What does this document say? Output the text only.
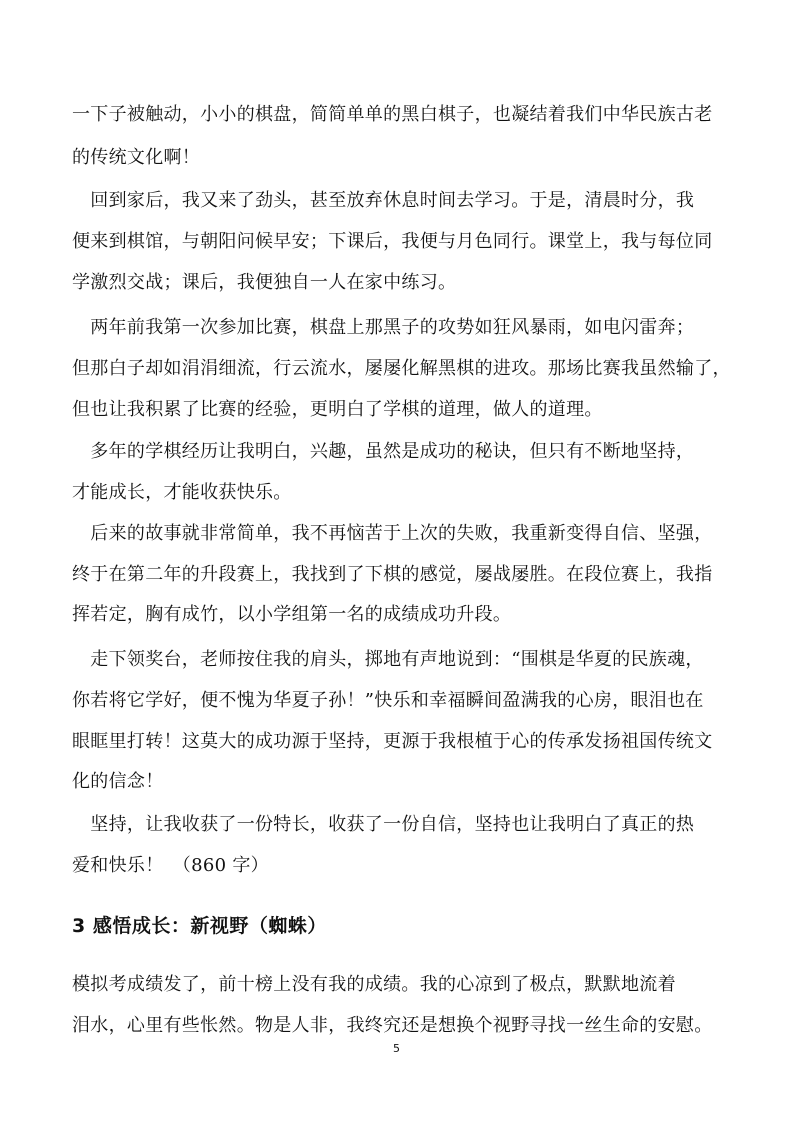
一下子被触动，小小的棋盘，简简单单的黑白棋子，也凝结着我们中华民族古老
的传统文化啊！
　回到家后，我又来了劲头，甚至放弃休息时间去学习。于是，清晨时分，我
便来到棋馆，与朝阳问候早安；下课后，我便与月色同行。课堂上，我与每位同
学激烈交战；课后，我便独自一人在家中练习。
　两年前我第一次参加比赛，棋盘上那黑子的攻势如狂风暴雨，如电闪雷奔；
但那白子却如涓涓细流，行云流水，屡屡化解黑棋的进攻。那场比赛我虽然输了，
但也让我积累了比赛的经验，更明白了学棋的道理，做人的道理。
　多年的学棋经历让我明白，兴趣，虽然是成功的秘诀，但只有不断地坚持，
才能成长，才能收获快乐。
　后来的故事就非常简单，我不再恼苦于上次的失败，我重新变得自信、坚强，
终于在第二年的升段赛上，我找到了下棋的感觉，屡战屡胜。在段位赛上，我指
挥若定，胸有成竹，以小学组第一名的成绩成功升段。
　走下领奖台，老师按住我的肩头，掷地有声地说到：“围棋是华夏的民族魂，
你若将它学好，便不愧为华夏子孙！”快乐和幸福瞬间盈满我的心房，眼泪也在
眼眶里打转！这莫大的成功源于坚持，更源于我根植于心的传承发扬祖国传统文
化的信念！
　坚持，让我收获了一份特长，收获了一份自信，坚持也让我明白了真正的热
爱和快乐！　（860 字）
3 感悟成长：新视野（蜘蛛）
模拟考成绩发了，前十榜上没有我的成绩。我的心凉到了极点，默默地流着
泪水，心里有些怅然。物是人非，我终究还是想换个视野寻找一丝生命的安慰。
5
